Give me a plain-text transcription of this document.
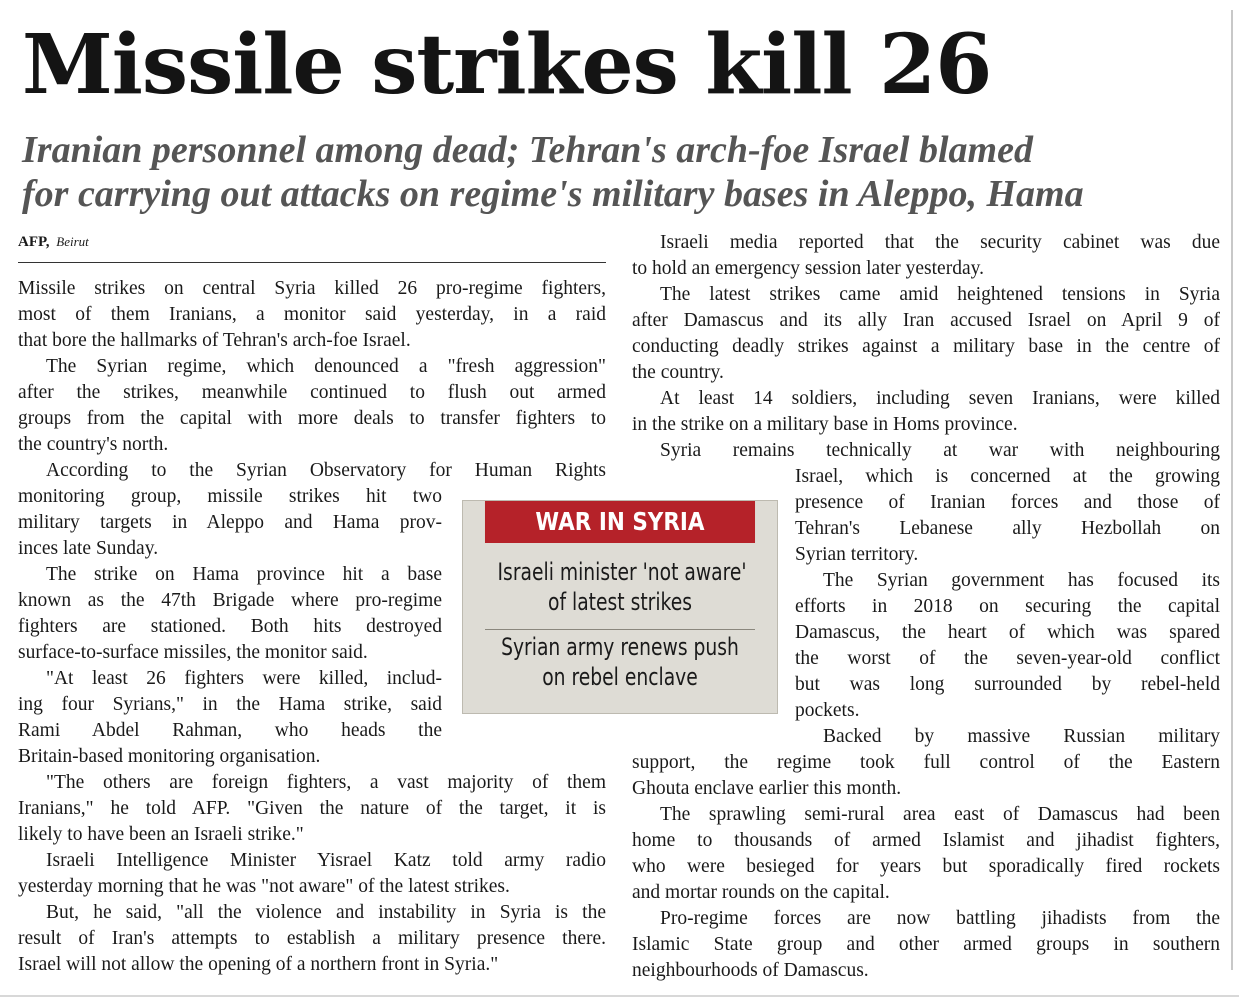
Missile strikes kill 26
Iranian personnel among dead; Tehran's arch-foe Israel blamed
for carrying out attacks on regime's military bases in Aleppo, Hama
AFP, Beirut
Missile strikes on central Syria killed 26 pro-regime fighters,
most of them Iranians, a monitor said yesterday, in a raid
that bore the hallmarks of Tehran's arch-foe Israel.
The Syrian regime, which denounced a "fresh aggression"
after the strikes, meanwhile continued to flush out armed
groups from the capital with more deals to transfer fighters to
the country's north.
According to the Syrian Observatory for Human Rights
monitoring group, missile strikes hit two
military targets in Aleppo and Hama prov-
inces late Sunday.
The strike on Hama province hit a base
known as the 47th Brigade where pro-regime
fighters are stationed. Both hits destroyed
surface-to-surface missiles, the monitor said.
"At least 26 fighters were killed, includ-
ing four Syrians," in the Hama strike, said
Rami Abdel Rahman, who heads the
Britain-based monitoring organisation.
"The others are foreign fighters, a vast majority of them
Iranians," he told AFP. "Given the nature of the target, it is
likely to have been an Israeli strike."
Israeli Intelligence Minister Yisrael Katz told army radio
yesterday morning that he was "not aware" of the latest strikes.
But, he said, "all the violence and instability in Syria is the
result of Iran's attempts to establish a military presence there.
Israel will not allow the opening of a northern front in Syria."
Israeli media reported that the security cabinet was due
to hold an emergency session later yesterday.
The latest strikes came amid heightened tensions in Syria
after Damascus and its ally Iran accused Israel on April 9 of
conducting deadly strikes against a military base in the centre of
the country.
At least 14 soldiers, including seven Iranians, were killed
in the strike on a military base in Homs province.
Syria remains technically at war with neighbouring
Israel, which is concerned at the growing
presence of Iranian forces and those of
Tehran's Lebanese ally Hezbollah on
Syrian territory.
The Syrian government has focused its
efforts in 2018 on securing the capital
Damascus, the heart of which was spared
the worst of the seven-year-old conflict
but was long surrounded by rebel-held
pockets.
Backed by massive Russian military
support, the regime took full control of the Eastern
Ghouta enclave earlier this month.
The sprawling semi-rural area east of Damascus had been
home to thousands of armed Islamist and jihadist fighters,
who were besieged for years but sporadically fired rockets
and mortar rounds on the capital.
Pro-regime forces are now battling jihadists from the
Islamic State group and other armed groups in southern
neighbourhoods of Damascus.
WAR IN SYRIA
Israeli minister 'not aware'
of latest strikes
Syrian army renews push
on rebel enclave
